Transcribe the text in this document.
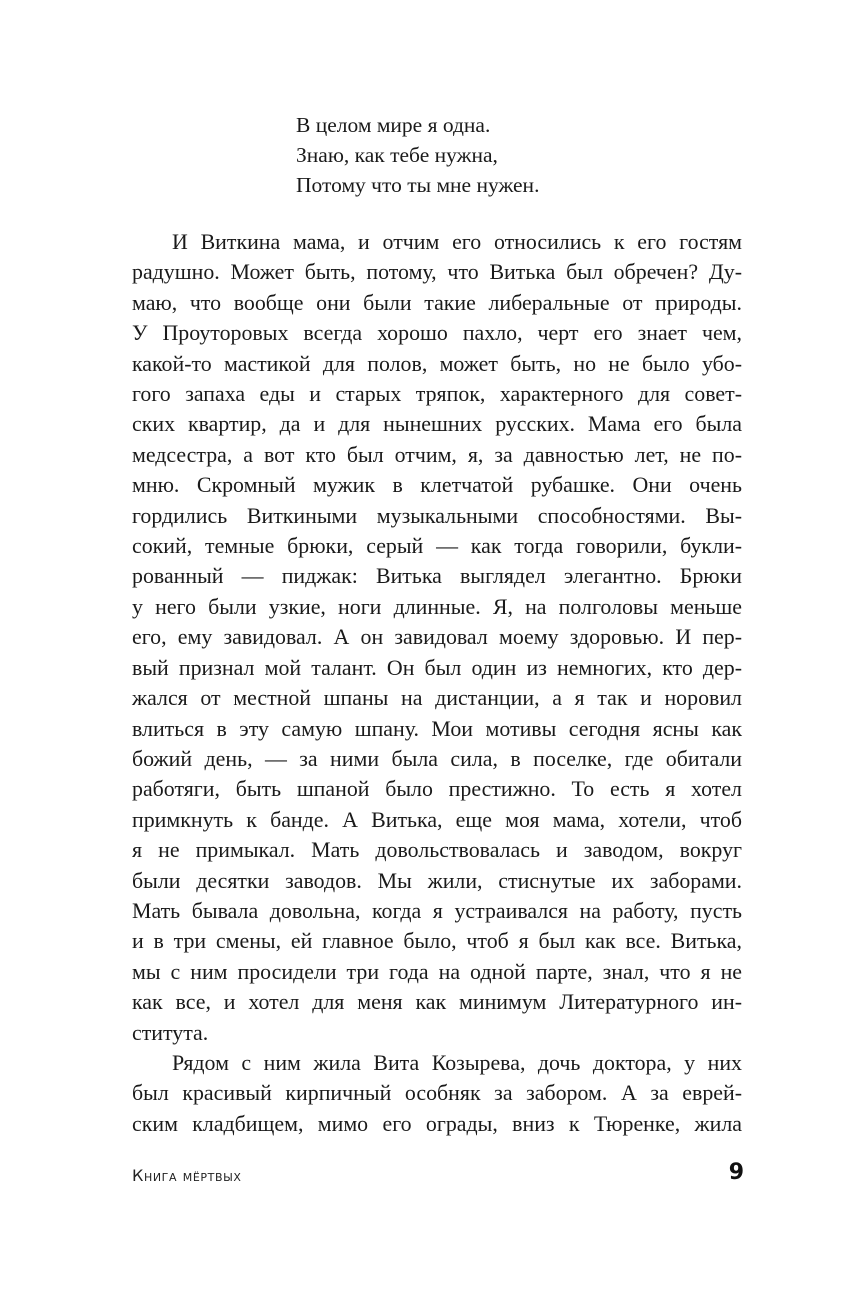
В целом мире я одна.
Знаю, как тебе нужна,
Потому что ты мне нужен.
И Виткина мама, и отчим его относились к его гостям
радушно. Может быть, потому, что Витька был обречен? Ду-
маю, что вообще они были такие либеральные от природы.
У Проуторовых всегда хорошо пахло, черт его знает чем,
какой-то мастикой для полов, может быть, но не было убо-
гого запаха еды и старых тряпок, характерного для совет-
ских квартир, да и для нынешних русских. Мама его была
медсестра, а вот кто был отчим, я, за давностью лет, не по-
мню. Скромный мужик в клетчатой рубашке. Они очень
гордились Виткиными музыкальными способностями. Вы-
сокий, темные брюки, серый — как тогда говорили, букли-
рованный — пиджак: Витька выглядел элегантно. Брюки
у него были узкие, ноги длинные. Я, на полголовы меньше
его, ему завидовал. А он завидовал моему здоровью. И пер-
вый признал мой талант. Он был один из немногих, кто дер-
жался от местной шпаны на дистанции, а я так и норовил
влиться в эту самую шпану. Мои мотивы сегодня ясны как
божий день, — за ними была сила, в поселке, где обитали
работяги, быть шпаной было престижно. То есть я хотел
примкнуть к банде. А Витька, еще моя мама, хотели, чтоб
я не примыкал. Мать довольствовалась и заводом, вокруг
были десятки заводов. Мы жили, стиснутые их заборами.
Мать бывала довольна, когда я устраивался на работу, пусть
и в три смены, ей главное было, чтоб я был как все. Витька,
мы с ним просидели три года на одной парте, знал, что я не
как все, и хотел для меня как минимум Литературного ин-
ститута.
Рядом с ним жила Вита Козырева, дочь доктора, у них
был красивый кирпичный особняк за забором. А за еврей-
ским кладбищем, мимо его ограды, вниз к Тюренке, жила
Книга мёртвых	9
